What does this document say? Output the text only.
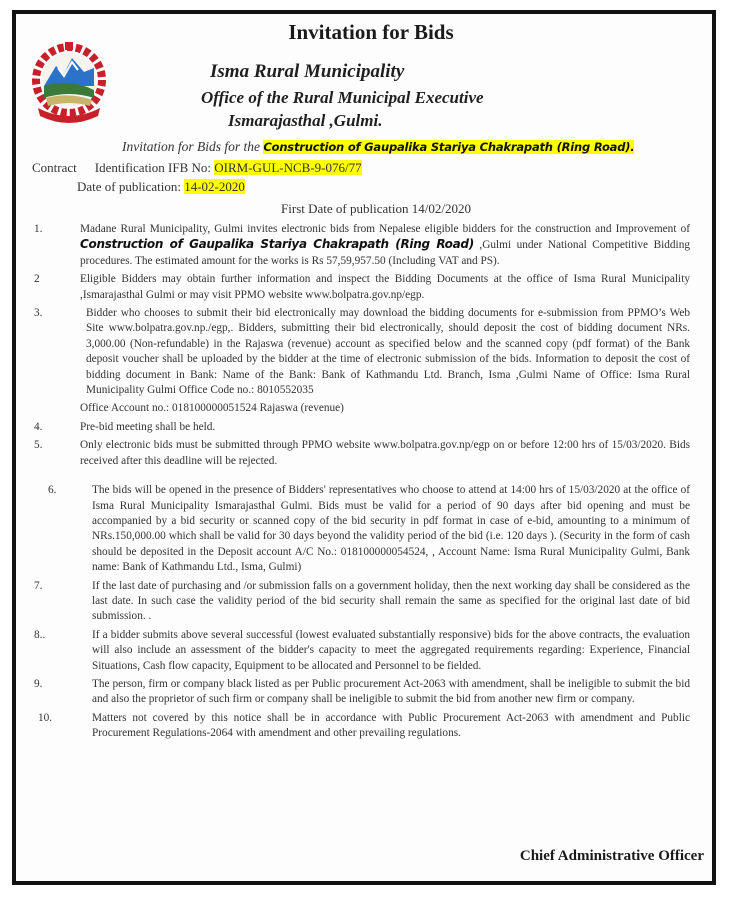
Invitation for Bids
Isma Rural Municipality
Office of the Rural Municipal Executive
Ismarajasthal ,Gulmi.
Invitation for Bids for the Construction of Gaupalika Stariya Chakrapath (Ring Road).
Contract Identification IFB No: OIRM-GUL-NCB-9-076/77
Date of publication: 14-02-2020
First Date of publication 14/02/2020
1.	Madane Rural Municipality, Gulmi invites electronic bids from Nepalese eligible bidders for the construction and Improvement of Construction of Gaupalika Stariya Chakrapath (Ring Road) ,Gulmi under National Competitive Bidding procedures. The estimated amount for the works is Rs 57,59,957.50 (Including VAT and PS).
2	Eligible Bidders may obtain further information and inspect the Bidding Documents at the office of Isma Rural Municipality ,Ismarajasthal Gulmi or may visit PPMO website www.bolpatra.gov.np/egp.
3.	Bidder who chooses to submit their bid electronically may download the bidding documents for e-submission from PPMO’s Web Site www.bolpatra.gov.np./egp,. Bidders, submitting their bid electronically, should deposit the cost of bidding document NRs. 3,000.00 (Non-refundable) in the Rajaswa (revenue) account as specified below and the scanned copy (pdf format) of the Bank deposit voucher shall be uploaded by the bidder at the time of electronic submission of the bids. Information to deposit the cost of bidding document in Bank: Name of the Bank: Bank of Kathmandu Ltd. Branch, Isma ,Gulmi Name of Office: Isma Rural Municipality Gulmi Office Code no.: 8010552035
Office Account no.: 018100000051524 Rajaswa (revenue)
4.	Pre-bid meeting shall be held.
5.	Only electronic bids must be submitted through PPMO website www.bolpatra.gov.np/egp on or before 12:00 hrs of 15/03/2020. Bids received after this deadline will be rejected.
6.	The bids will be opened in the presence of Bidders' representatives who choose to attend at 14:00 hrs of 15/03/2020 at the office of Isma Rural Municipality Ismarajasthal Gulmi. Bids must be valid for a period of 90 days after bid opening and must be accompanied by a bid security or scanned copy of the bid security in pdf format in case of e-bid, amounting to a minimum of NRs.150,000.00 which shall be valid for 30 days beyond the validity period of the bid (i.e. 120 days ). (Security in the form of cash should be deposited in the Deposit account A/C No.: 018100000054524, , Account Name: Isma Rural Municipality Gulmi, Bank name: Bank of Kathmandu Ltd., Isma, Gulmi)
7.	If the last date of purchasing and /or submission falls on a government holiday, then the next working day shall be considered as the last date. In such case the validity period of the bid security shall remain the same as specified for the original last date of bid submission. .
8..	If a bidder submits above several successful (lowest evaluated substantially responsive) bids for the above contracts, the evaluation will also include an assessment of the bidder's capacity to meet the aggregated requirements regarding: Experience, Financial Situations, Cash flow capacity, Equipment to be allocated and Personnel to be fielded.
9.	The person, firm or company black listed as per Public procurement Act-2063 with amendment, shall be ineligible to submit the bid and also the proprietor of such firm or company shall be ineligible to submit the bid from another new firm or company.
10.	Matters not covered by this notice shall be in accordance with Public Procurement Act-2063 with amendment and Public Procurement Regulations-2064 with amendment and other prevailing regulations.
Chief Administrative Officer
